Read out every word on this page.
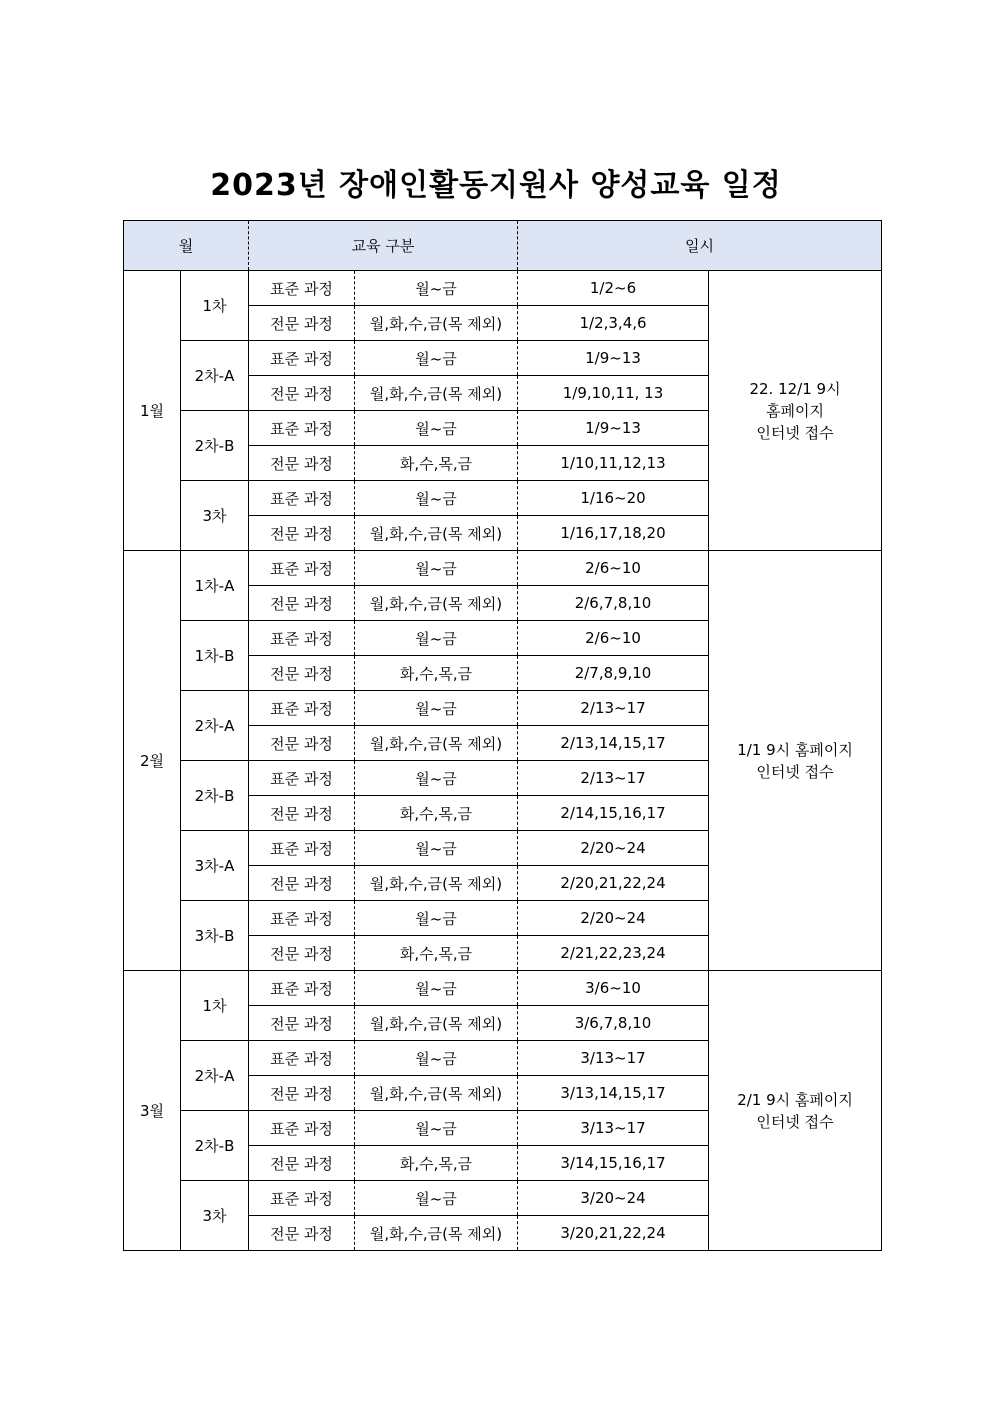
2023년 장애인활동지원사 양성교육 일정
월		교육 구분		일시	
1월	1차	표준 과정	월~금	1/2~6	22. 12/1 9시
홈페이지
인터넷 접수

		전문 과정	월,화,수,금(목 제외)	1/2,3,4,6	
	2차-A	표준 과정	월~금	1/9~13	
		전문 과정	월,화,수,금(목 제외)	1/9,10,11, 13	
	2차-B	표준 과정	월~금	1/9~13	
		전문 과정	화,수,목,금	1/10,11,12,13	
	3차	표준 과정	월~금	1/16~20	
		전문 과정	월,화,수,금(목 제외)	1/16,17,18,20	
2월	1차-A	표준 과정	월~금	2/6~10	1/1 9시 홈페이지
인터넷 접수

		전문 과정	월,화,수,금(목 제외)	2/6,7,8,10	
	1차-B	표준 과정	월~금	2/6~10	
		전문 과정	화,수,목,금	2/7,8,9,10	
	2차-A	표준 과정	월~금	2/13~17	
		전문 과정	월,화,수,금(목 제외)	2/13,14,15,17	
	2차-B	표준 과정	월~금	2/13~17	
		전문 과정	화,수,목,금	2/14,15,16,17	
	3차-A	표준 과정	월~금	2/20~24	
		전문 과정	월,화,수,금(목 제외)	2/20,21,22,24	
	3차-B	표준 과정	월~금	2/20~24	
		전문 과정	화,수,목,금	2/21,22,23,24	
3월	1차	표준 과정	월~금	3/6~10	2/1 9시 홈페이지
인터넷 접수

		전문 과정	월,화,수,금(목 제외)	3/6,7,8,10	
	2차-A	표준 과정	월~금	3/13~17	
		전문 과정	월,화,수,금(목 제외)	3/13,14,15,17	
	2차-B	표준 과정	월~금	3/13~17	
		전문 과정	화,수,목,금	3/14,15,16,17	
	3차	표준 과정	월~금	3/20~24	
		전문 과정	월,화,수,금(목 제외)	3/20,21,22,24	
